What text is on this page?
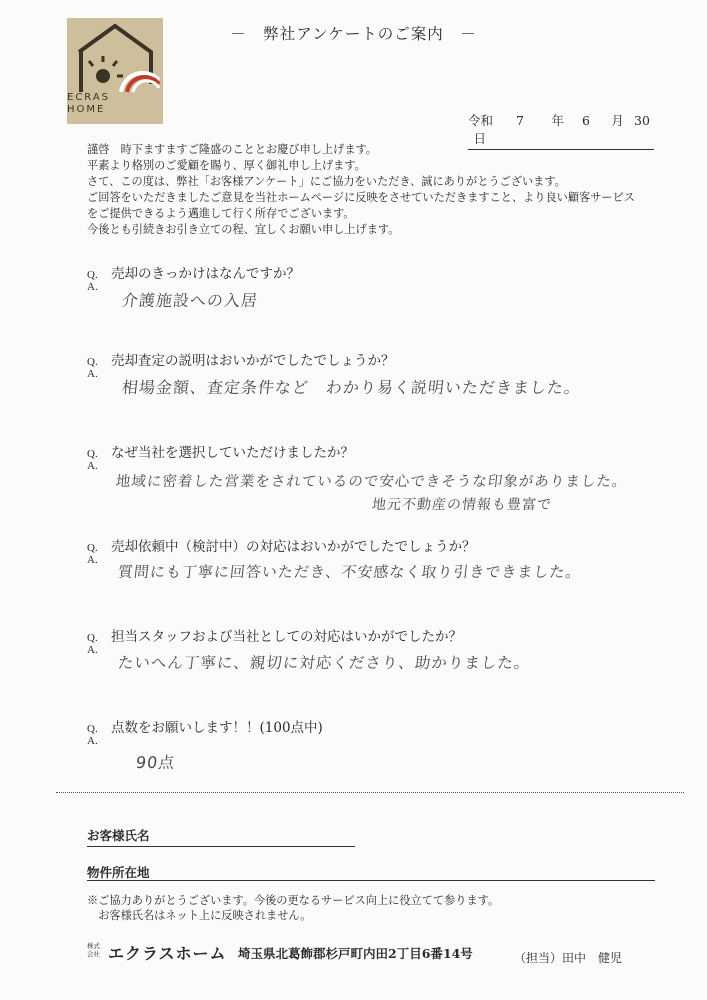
ECRAS
HOME
－　弊社アンケートのご案内　－
令和 7 年 6 月 30 日
謹啓　時下ますますご隆盛のこととお慶び申し上げます。
平素より格別のご愛顧を賜り、厚く御礼申し上げます。
さて、この度は、弊社「お客様アンケート」にご協力をいただき、誠にありがとうございます。
ご回答をいただきましたご意見を当社ホームページに反映をさせていただきますこと、より良い顧客サービス
をご提供できるよう邁進して行く所存でございます。
今後とも引続きお引き立ての程、宜しくお願い申し上げます。
Q. 売却のきっかけはなんですか？
A.
介護施設への入居
Q. 売却査定の説明はおいかがでしたでしょうか？
A.
相場金額、査定条件など　わかり易く説明いただきました。
Q. なぜ当社を選択していただけましたか？
A.
地域に密着した営業をされているので安心できそうな印象がありました。
地元不動産の情報も豊富で
Q. 売却依頼中（検討中）の対応はおいかがでしたでしょうか？
A.
質問にも丁寧に回答いただき、不安感なく取り引きできました。
Q. 担当スタッフおよび当社としての対応はいかがでしたか？
A.
たいへん丁寧に、親切に対応くださり、助かりました。
Q. 点数をお願いします！！(100点中)
A.
90点
お客様氏名
物件所在地
※ご協力ありがとうございます。今後の更なるサービス向上に役立てて参ります。
　お客様氏名はネット上に反映されません。
株式
会社 エクラスホーム 埼玉県北葛飾郡杉戸町内田2丁目6番14号	（担当）田中　健児
